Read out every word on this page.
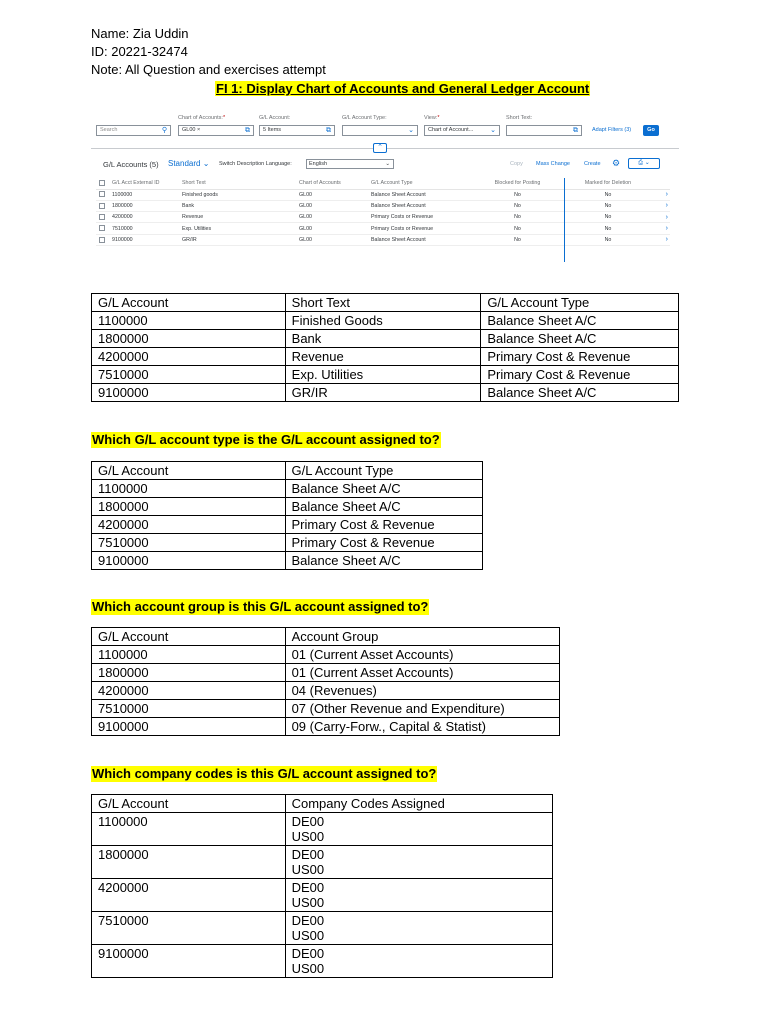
Name: Zia Uddin
ID: 20221-32474
Note: All Question and exercises attempt
FI 1: Display Chart of Accounts and General Ledger Account
Search	⚲
Chart of Accounts:*
GL00 ×	⧉
G/L Account:
5 Items	⧉
G/L Account Type:
⌄
View:*
Chart of Account... ⌄
Short Text:
⧉	Adapt Filters (3)	Go
⌃
G/L Accounts (5) Standard ⌄ Switch Description Language:	English	⌄	Copy Mass Change	Create ⚙	⎙ ⌄
	G/L Acct External ID	Short Text	Chart of Accounts	G/L Account Type	Blocked for Posting	Marked for Deletion	
	1100000	Finished goods	GL00	Balance Sheet Account	No	No	›
	1800000	Bank	GL00	Balance Sheet Account	No	No	›
	4200000	Revenue	GL00	Primary Costs or Revenue	No	No	›
	7510000	Exp. Utilities	GL00	Primary Costs or Revenue	No	No	›
	9100000	GR/IR	GL00	Balance Sheet Account	No	No	›
G/L Account	Short Text	G/L Account Type
1100000	Finished Goods	Balance Sheet A/C
1800000	Bank	Balance Sheet A/C
4200000	Revenue	Primary Cost & Revenue
7510000	Exp. Utilities	Primary Cost & Revenue
9100000	GR/IR	Balance Sheet A/C
Which G/L account type is the G/L account assigned to?
G/L Account	G/L Account Type
1100000	Balance Sheet A/C
1800000	Balance Sheet A/C
4200000	Primary Cost & Revenue
7510000	Primary Cost & Revenue
9100000	Balance Sheet A/C
Which account group is this G/L account assigned to?
G/L Account	Account Group
1100000	01 (Current Asset Accounts)
1800000	01 (Current Asset Accounts)
4200000	04 (Revenues)
7510000	07 (Other Revenue and Expenditure)
9100000	09 (Carry-Forw., Capital & Statist)
Which company codes is this G/L account assigned to?
G/L Account	Company Codes Assigned
1100000	DE00
US00

1800000	DE00
US00

4200000	DE00
US00

7510000	DE00
US00

9100000	DE00
US00
